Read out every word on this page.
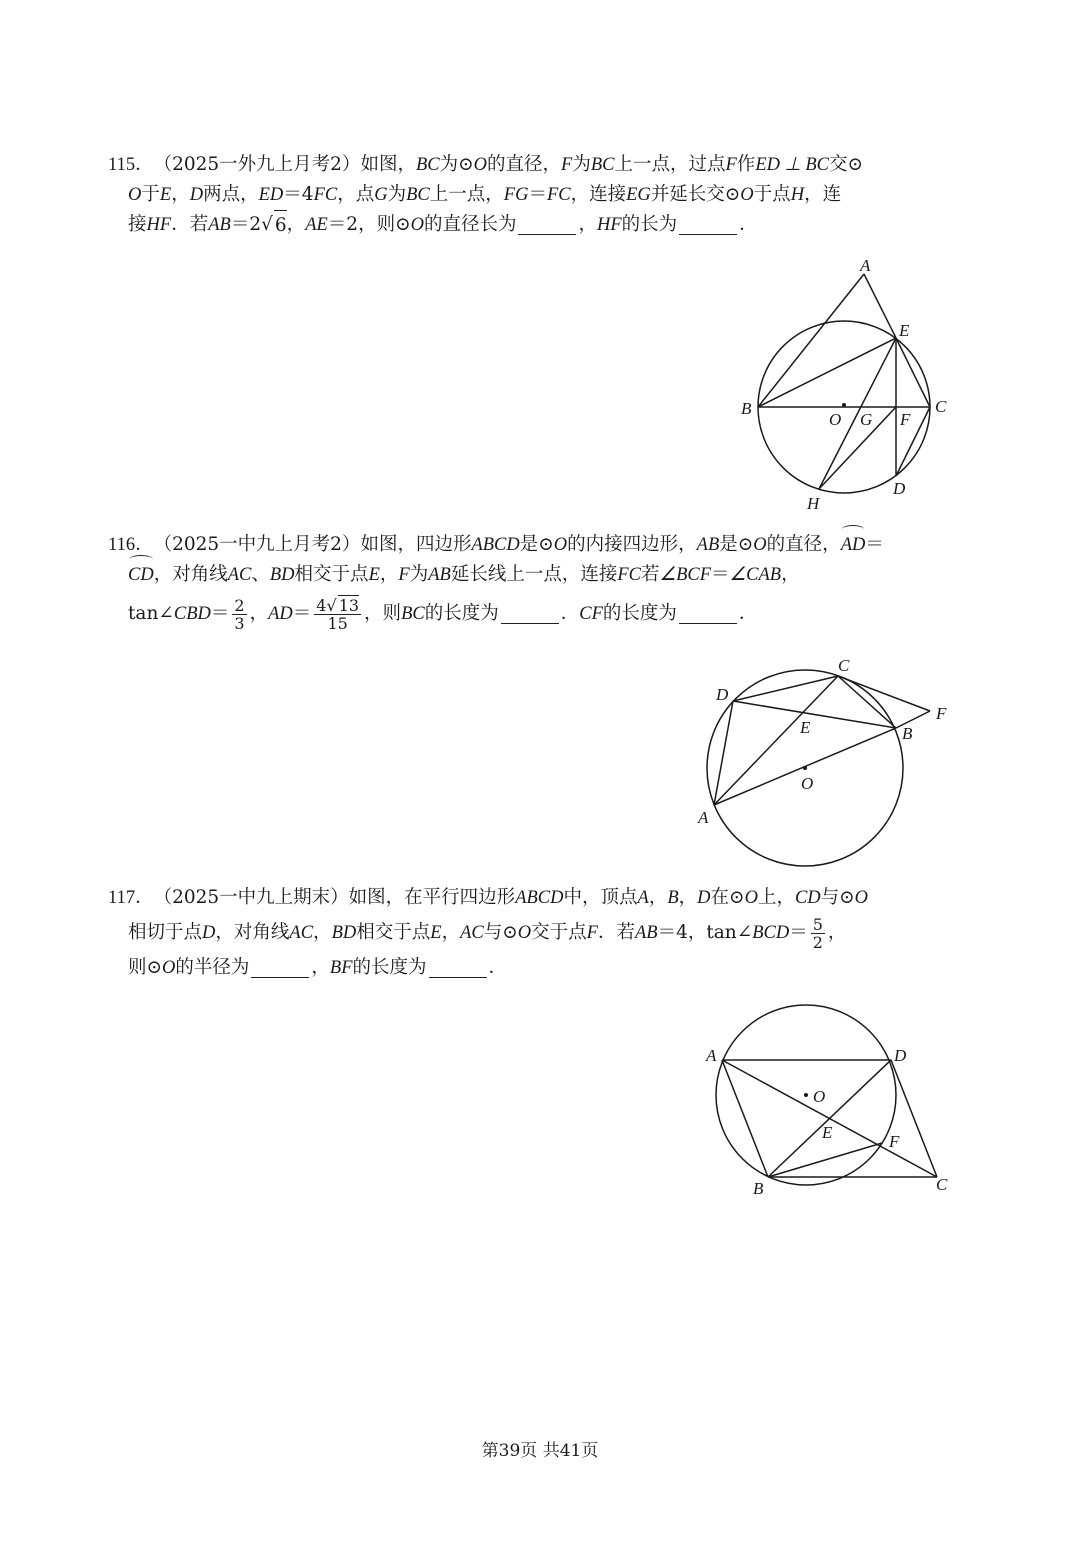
115． （2025一外九上月考2） 如图， BC 为⊙ O 的直径， F 为 BC 上一点，过点 F 作 ED ⊥ BC 交⊙
O 于 E ， D 两点， ED ＝4 FC ，点 G 为 BC 上一点， FG ＝ FC ，连接 EG 并延长交⊙ O 于点 H ，连
接 HF ．若 AB ＝2 √ 6 ， AE ＝2，则⊙ O 的直径长为	， HF 的长为	．
A
E
B
O G F
C
H
D
116． （2025一中九上月考2） 如图，四边形 ABCD 是⊙ O 的内接四边形， AB 是⊙ O 的直径， AD ＝
CD ，对角线 AC 、 BD 相交于点 E ， F 为 AB 延长线上一点，连接 FC 若 ∠BCF ＝ ∠CAB ，
tan∠ CBD ＝ $\frac{2}{3}$ ， AD ＝ $\frac{4√ 13}{15}$ ，则 BC 的长度为	． CF 的长度为	．
C
D
F
E	B
O
A
117． （2025一中九上期末） 如图，在平行四边形 ABCD 中，顶点 A ， B ， D 在⊙ O 上， CD 与⊙ O
相切于点 D ，对角线 AC ， BD 相交于点 E ， AC 与⊙ O 交于点 F ．若 AB ＝4，tan∠ BCD ＝ $\frac{5}{2}$ ，
则⊙ O 的半径为	， BF 的长度为	．
A	D
O
E	F
B	C
第39页 共41页
